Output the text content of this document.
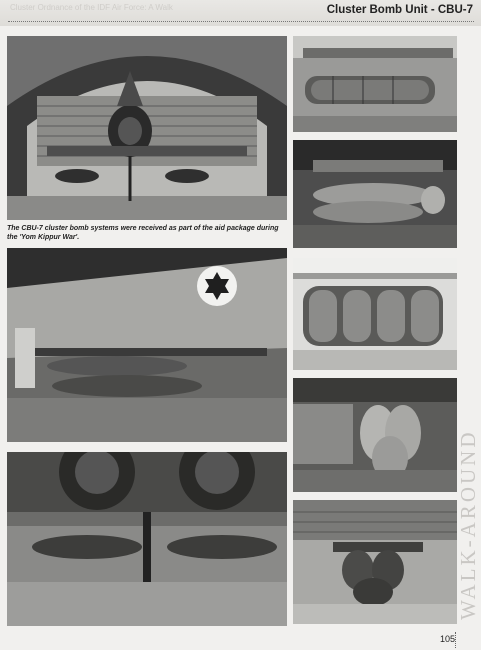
Cluster Ordnance of the IDF Air Force: A Walk	Cluster Bomb Unit - CBU-7
The CBU-7 cluster bomb systems were received as part of the aid package during the 'Yom Kippur War'.
WALK-AROUND
105
